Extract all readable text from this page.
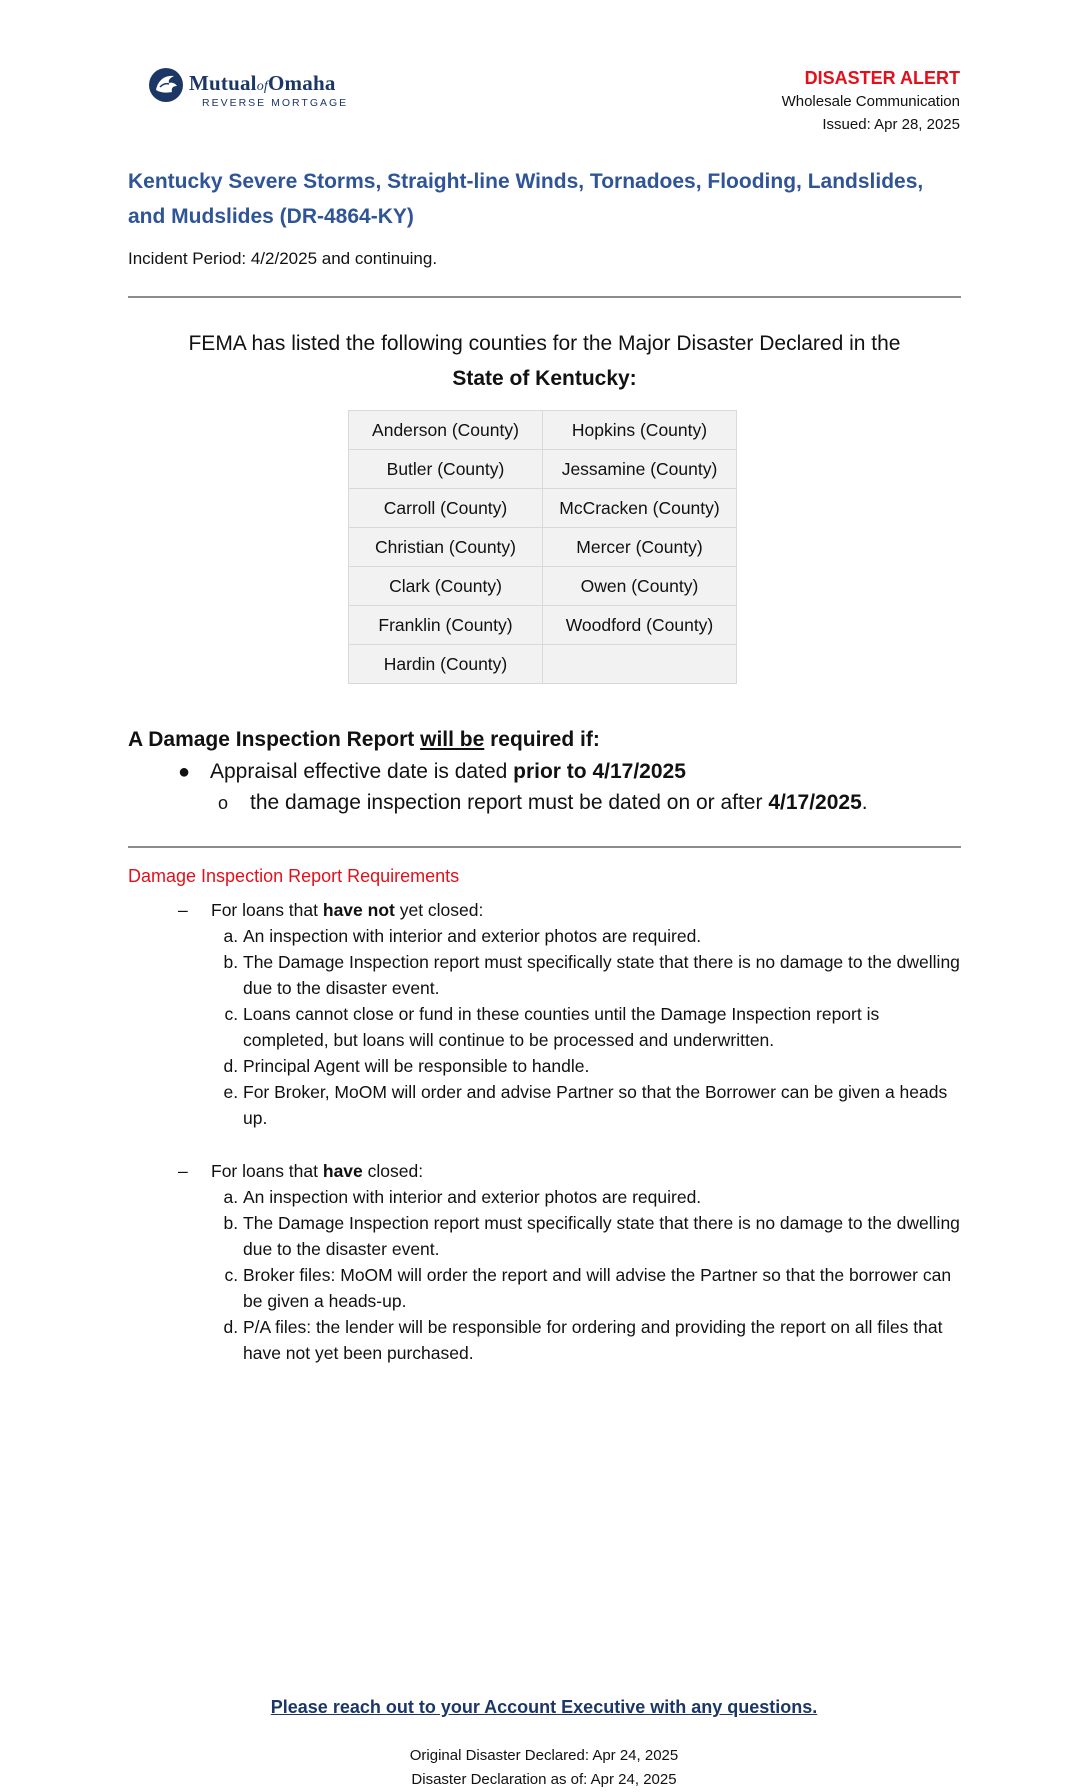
MutualofOmaha
REVERSE MORTGAGE
DISASTER ALERT
Wholesale Communication
Issued: Apr 28, 2025
Kentucky Severe Storms, Straight-line Winds, Tornadoes, Flooding, Landslides,
and Mudslides (DR-4864-KY)
Incident Period: 4/2/2025 and continuing.
FEMA has listed the following counties for the Major Disaster Declared in the
State of Kentucky:
Anderson (County)	Hopkins (County)
Butler (County)	Jessamine (County)
Carroll (County)	McCracken (County)
Christian (County)	Mercer (County)
Clark (County)	Owen (County)
Franklin (County)	Woodford (County)
Hardin (County)	
A Damage Inspection Report will be required if:
● Appraisal effective date is dated prior to 4/17/2025
o the damage inspection report must be dated on or after 4/17/2025.
Damage Inspection Report Requirements
–	For loans that have not yet closed:
a. An inspection with interior and exterior photos are required.
b. The Damage Inspection report must specifically state that there is no damage to the dwelling due to the disaster event.
c. Loans cannot close or fund in these counties until the Damage Inspection report is completed, but loans will continue to be processed and underwritten.
d. Principal Agent will be responsible to handle.
e. For Broker, MoOM will order and advise Partner so that the Borrower can be given a heads up.
–	For loans that have closed:
a. An inspection with interior and exterior photos are required.
b. The Damage Inspection report must specifically state that there is no damage to the dwelling due to the disaster event.
c. Broker files: MoOM will order the report and will advise the Partner so that the borrower can be given a heads-up.
d. P/A files: the lender will be responsible for ordering and providing the report on all files that have not yet been purchased.
Please reach out to your Account Executive with any questions.
Original Disaster Declared: Apr 24, 2025
Disaster Declaration as of: Apr 24, 2025
